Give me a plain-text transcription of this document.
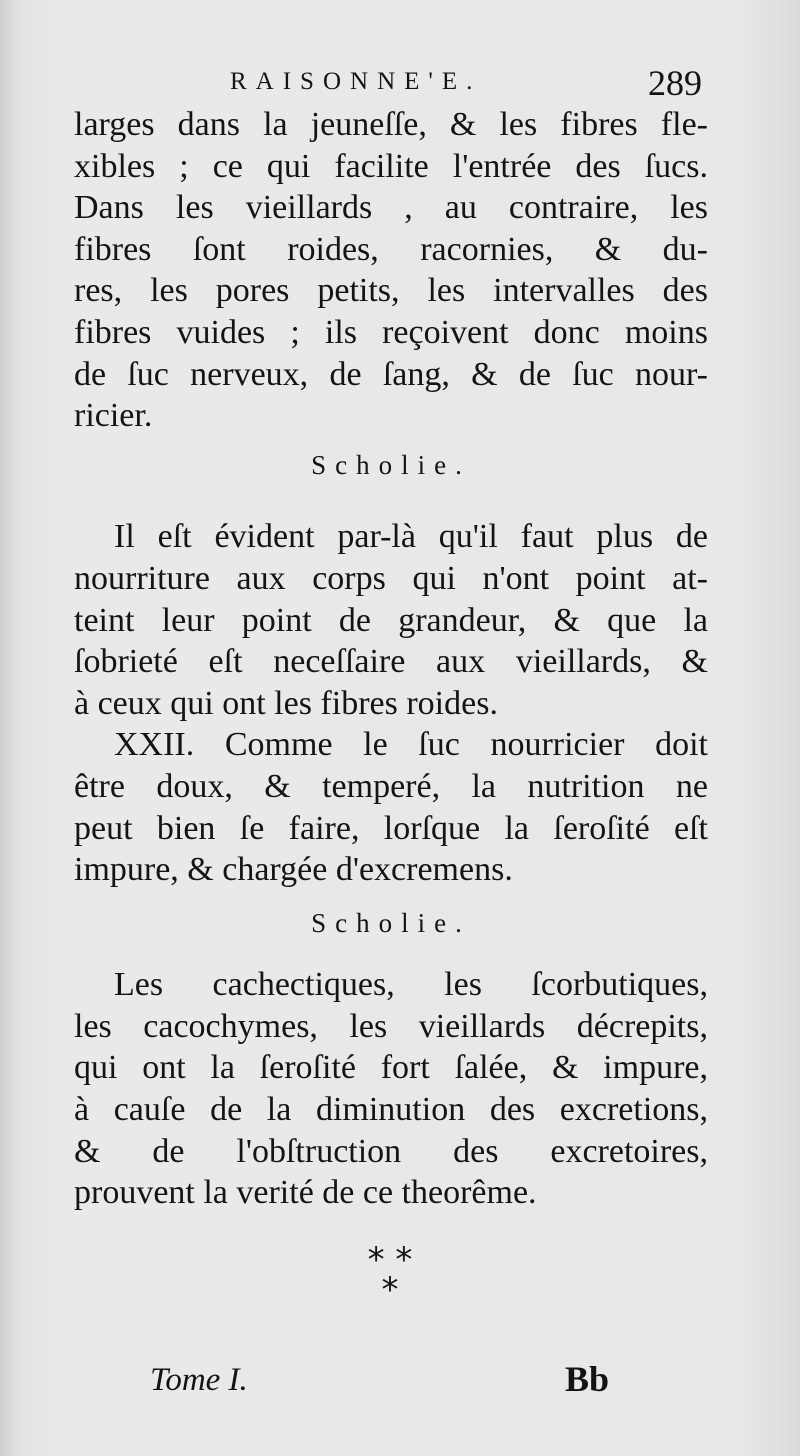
RAISONNE'E.	289
larges dans la jeuneſſe, & les fibres fle-
xibles ; ce qui facilite l'entrée des ſucs.
Dans les vieillards , au contraire, les
fibres ſont roides, racornies, & du-
res, les pores petits, les intervalles des
fibres vuides ; ils reçoivent donc moins
de ſuc nerveux, de ſang, & de ſuc nour-
ricier.
Scholie.
Il eſt évident par-là qu'il faut plus de
nourriture aux corps qui n'ont point at-
teint leur point de grandeur, & que la
ſobrieté eſt neceſſaire aux vieillards, &
à ceux qui ont les fibres roides.
XXII. Comme le ſuc nourricier doit
être doux, & temperé, la nutrition ne
peut bien ſe faire, lorſque la ſeroſité eſt
impure, & chargée d'excremens.
Scholie.
Les cachectiques, les ſcorbutiques,
les cacochymes, les vieillards décrepits,
qui ont la ſeroſité fort ſalée, & impure,
à cauſe de la diminution des excretions,
& de l'obſtruction des excretoires,
prouvent la verité de ce theorême.
* *
*
Tome I.	Bb
